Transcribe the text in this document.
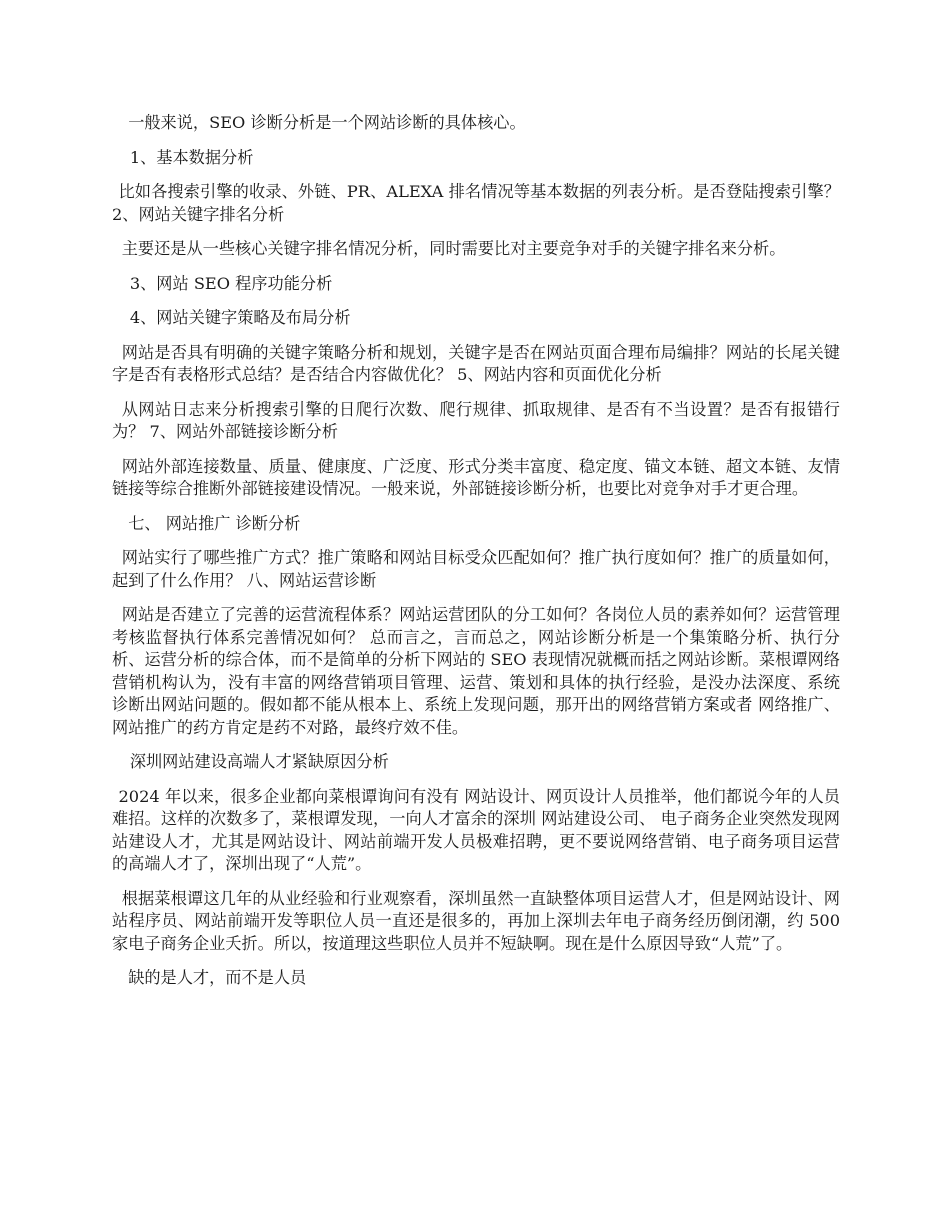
一般来说，SEO 诊断分析是一个网站诊断的具体核心。

1、基本数据分析

比如各搜索引擎的收录、外链、PR、ALEXA 排名情况等基本数据的列表分析。是否登陆搜索引擎？ 2、网站关键字排名分析

主要还是从一些核心关键字排名情况分析，同时需要比对主要竞争对手的关键字排名来分析。

3、网站 SEO 程序功能分析

4、网站关键字策略及布局分析

网站是否具有明确的关键字策略分析和规划，关键字是否在网站页面合理布局编排？网站的长尾关键字是否有表格形式总结？是否结合内容做优化？ 5、网站内容和页面优化分析

从网站日志来分析搜索引擎的日爬行次数、爬行规律、抓取规律、是否有不当设置？是否有报错行为？ 7、网站外部链接诊断分析

网站外部连接数量、质量、健康度、广泛度、形式分类丰富度、稳定度、锚文本链、超文本链、友情链接等综合推断外部链接建设情况。一般来说，外部链接诊断分析，也要比对竞争对手才更合理。

七、 网站推广 诊断分析

网站实行了哪些推广方式？推广策略和网站目标受众匹配如何？推广执行度如何？推广的质量如何，起到了什么作用？ 八、网站运营诊断

网站是否建立了完善的运营流程体系？网站运营团队的分工如何？各岗位人员的素养如何？运营管理考核监督执行体系完善情况如何？ 总而言之，言而总之，网站诊断分析是一个集策略分析、执行分析、运营分析的综合体，而不是简单的分析下网站的 SEO 表现情况就概而括之网站诊断。菜根谭网络营销机构认为，没有丰富的网络营销项目管理、运营、策划和具体的执行经验，是没办法深度、系统诊断出网站问题的。假如都不能从根本上、系统上发现问题，那开出的网络营销方案或者 网络推广、网站推广的药方肯定是药不对路，最终疗效不佳。

深圳网站建设高端人才紧缺原因分析

2024 年以来，很多企业都向菜根谭询问有没有 网站设计、网页设计人员推举，他们都说今年的人员难招。这样的次数多了，菜根谭发现，一向人才富余的深圳 网站建设公司、 电子商务企业突然发现网站建设人才，尤其是网站设计、网站前端开发人员极难招聘，更不要说网络营销、电子商务项目运营的高端人才了，深圳出现了“人荒”。

根据菜根谭这几年的从业经验和行业观察看，深圳虽然一直缺整体项目运营人才，但是网站设计、网站程序员、网站前端开发等职位人员一直还是很多的，再加上深圳去年电子商务经历倒闭潮，约 500 家电子商务企业夭折。所以，按道理这些职位人员并不短缺啊。现在是什么原因导致“人荒”了。

缺的是人才，而不是人员
